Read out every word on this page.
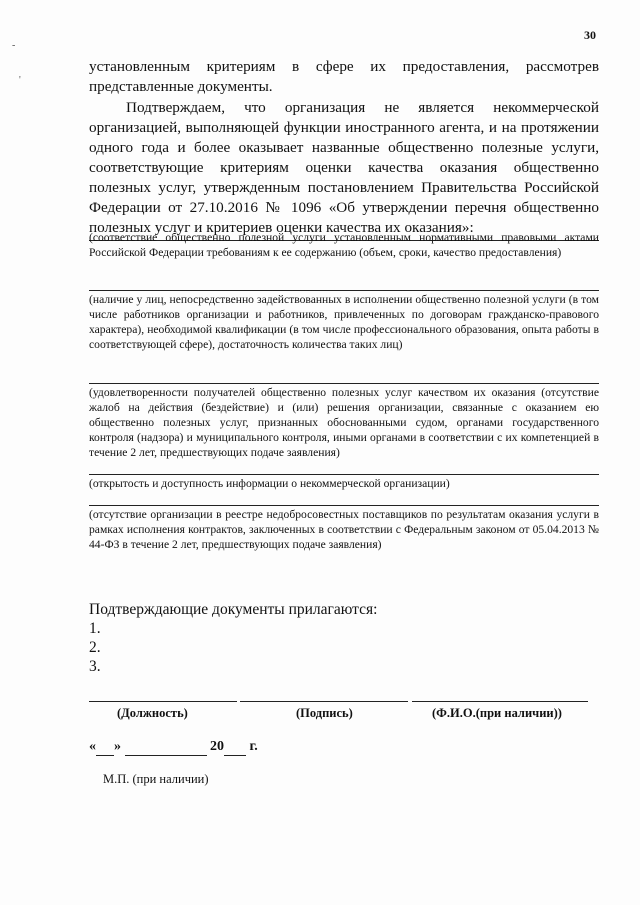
30
-
'
установленным критериям в сфере их предоставления, рассмотрев представленные документы.
Подтверждаем, что организация не является некоммерческой организацией, выполняющей функции иностранного агента, и на протяжении одного года и более оказывает названные общественно полезные услуги, соответствующие критериям оценки качества оказания общественно полезных услуг, утвержденным постановлением Правительства Российской Федерации от 27.10.2016 № 1096 «Об утверждении перечня общественно полезных услуг и критериев оценки качества их оказания»:
(соответствие общественно полезной услуги установленным нормативными правовыми актами Российской Федерации требованиям к ее содержанию (объем, сроки, качество предоставления)
(наличие у лиц, непосредственно задействованных в исполнении общественно полезной услуги (в том числе работников организации и работников, привлеченных по договорам гражданско-правового характера), необходимой квалификации (в том числе профессионального образования, опыта работы в соответствующей сфере), достаточность количества таких лиц)
(удовлетворенности получателей общественно полезных услуг качеством их оказания (отсутствие жалоб на действия (бездействие) и (или) решения организации, связанные с оказанием ею общественно полезных услуг, признанных обоснованными судом, органами государственного контроля (надзора) и муниципального контроля, иными органами в соответствии с их компетенцией в течение 2 лет, предшествующих подаче заявления)
(открытость и доступность информации о некоммерческой организации)
(отсутствие организации в реестре недобросовестных поставщиков по результатам оказания услуги в рамках исполнения контрактов, заключенных в соответствии с Федеральным законом от 05.04.2013 № 44-ФЗ в течение 2 лет, предшествующих подаче заявления)
Подтверждающие документы прилагаются:
1.
2.
3.
(Должность)	(Подпись)	(Ф.И.О.(при наличии))
« »	20 г.
М.П. (при наличии)
